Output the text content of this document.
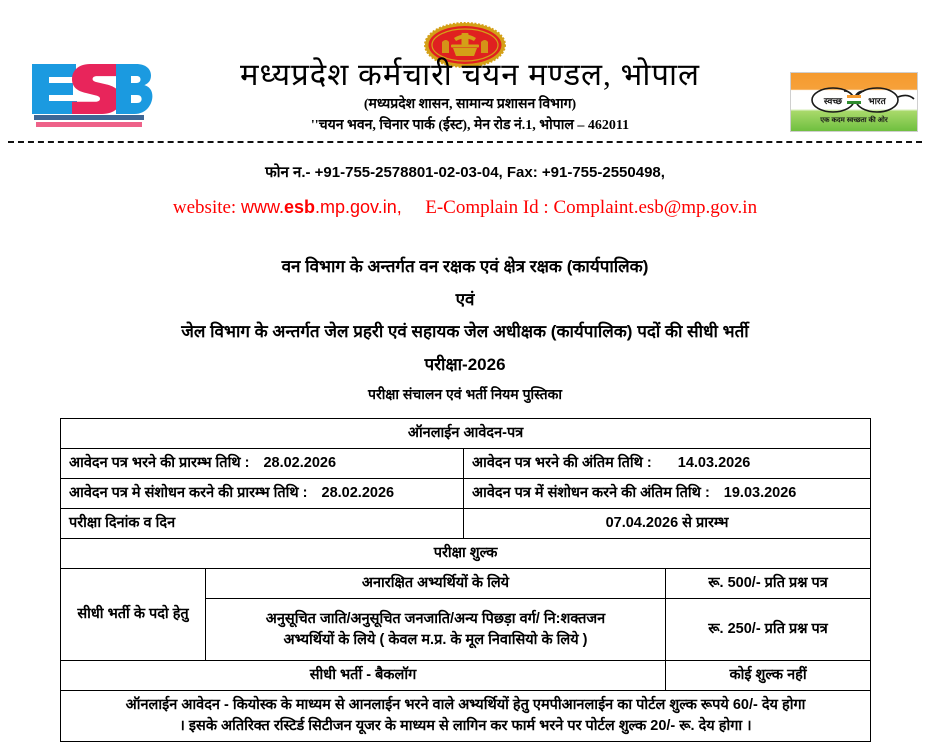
मध्यप्रदेश कर्मचारी चयन मण्डल, भोपाल
(मध्यप्रदेश शासन, सामान्य प्रशासन विभाग)
''चयन भवन, चिनार पार्क (ईस्ट), मेन रोड नं.1, भोपाल – 462011
स्वच्छ	भारत
एक कदम स्वच्छता की ओर
फोन न.- +91-755-2578801-02-03-04, Fax: +91-755-2550498,
website: www.esb.mp.gov.in, E-Complain Id : Complaint.esb@mp.gov.in
वन विभाग के अन्तर्गत वन रक्षक एवं क्षेत्र रक्षक (कार्यपालिक)
एवं
जेल विभाग के अन्तर्गत जेल प्रहरी एवं सहायक जेल अधीक्षक (कार्यपालिक) पदों की सीधी भर्ती
परीक्षा-2026
परीक्षा संचालन एवं भर्ती नियम पुस्तिका
ऑनलाईन आवेदन-पत्र			
आवेदन पत्र भरने की प्रारम्भ तिथि : 28.02.2026		आवेदन पत्र भरने की अंतिम तिथि : 14.03.2026	
आवेदन पत्र मे संशोधन करने की प्रारम्भ तिथि : 28.02.2026		आवेदन पत्र में संशोधन करने की अंतिम तिथि : 19.03.2026	
परीक्षा दिनांक व दिन		07.04.2026 से प्रारम्भ	
परीक्षा शुल्क			
सीधी भर्ती के पदो हेतु	अनारक्षित अभ्यर्थियों के लिये		रू. 500/- प्रति प्रश्न पत्र

	अनुसूचित जाति/अनुसूचित जनजाति/अन्य पिछड़ा वर्ग/ नि:शक्तजन
अभ्यर्थियों के लिये ( केवल म.प्र. के मूल निवासियो के लिये )		रू. 250/- प्रति प्रश्न पत्र
सीधी भर्ती - बैकलॉग			कोई शुल्क नहीं

ऑनलाईन आवेदन - कियोस्क के माध्यम से आनलाईन भरने वाले अभ्यर्थियों हेतु एमपीआनलाईन का पोर्टल शुल्क रूपये 60/- देय होगा
। इसके अतिरिक्त रस्टिर्ड सिटीजन यूजर के माध्यम से लागिन कर फार्म भरने पर पोर्टल शुल्क 20/- रू. देय होगा ।			
